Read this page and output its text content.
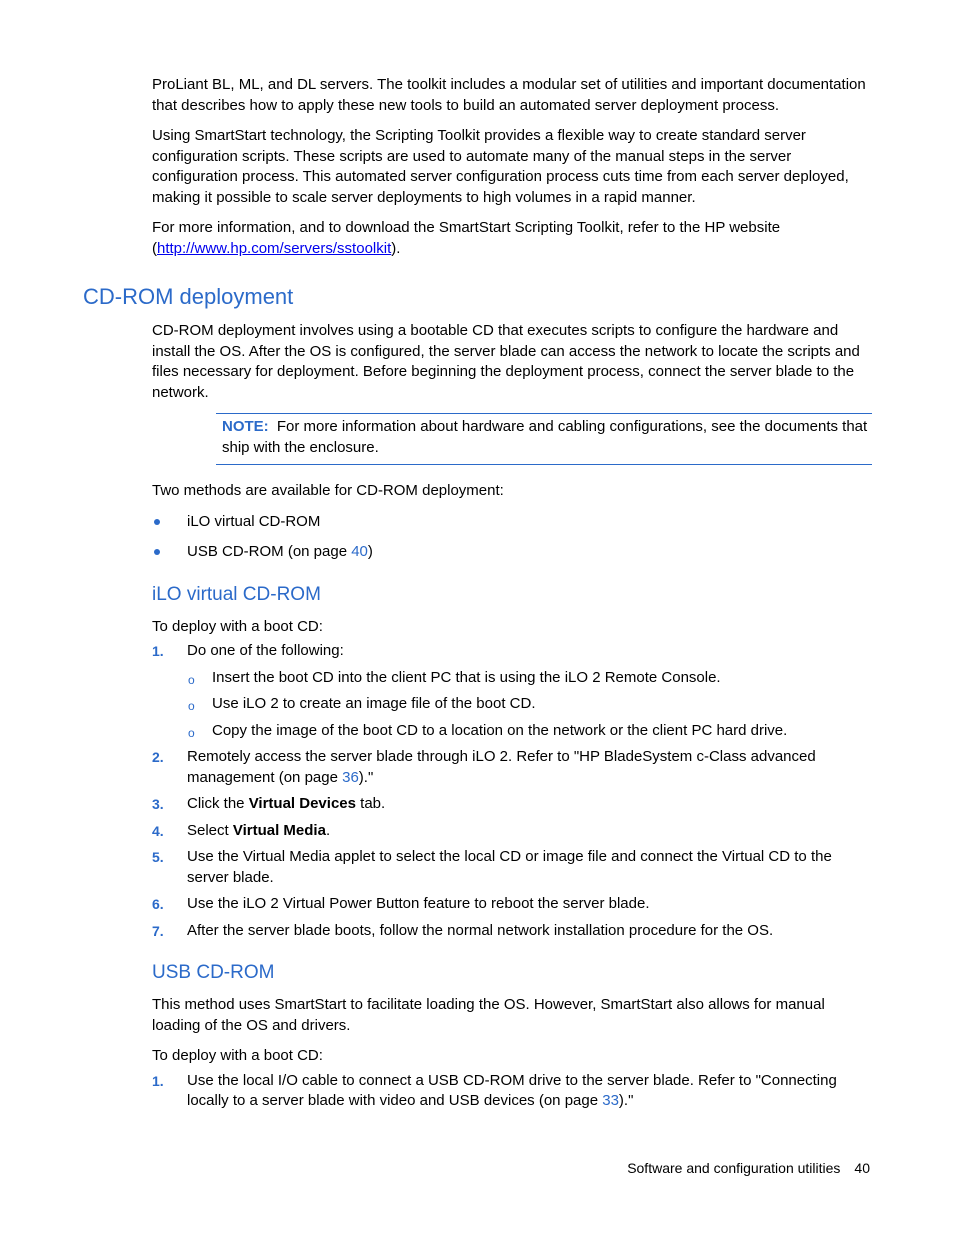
ProLiant BL, ML, and DL servers. The toolkit includes a modular set of utilities and important documentation that describes how to apply these new tools to build an automated server deployment process.

Using SmartStart technology, the Scripting Toolkit provides a flexible way to create standard server configuration scripts. These scripts are used to automate many of the manual steps in the server configuration process. This automated server configuration process cuts time from each server deployed, making it possible to scale server deployments to high volumes in a rapid manner.

For more information, and to download the SmartStart Scripting Toolkit, refer to the HP website (http://www.hp.com/servers/sstoolkit).

CD-ROM deployment

CD-ROM deployment involves using a bootable CD that executes scripts to configure the hardware and install the OS. After the OS is configured, the server blade can access the network to locate the scripts and files necessary for deployment. Before beginning the deployment process, connect the server blade to the network.

NOTE: For more information about hardware and cabling configurations, see the documents that ship with the enclosure.

Two methods are available for CD-ROM deployment:

iLO virtual CD-ROM
USB CD-ROM (on page 40)
iLO virtual CD-ROM

To deploy with a boot CD:

1. Do one of the following:
o Insert the boot CD into the client PC that is using the iLO 2 Remote Console.
o Use iLO 2 to create an image file of the boot CD.
o Copy the image of the boot CD to a location on the network or the client PC hard drive.
2. Remotely access the server blade through iLO 2. Refer to "HP BladeSystem c-Class advanced management (on page 36)."
3. Click the Virtual Devices tab.
4. Select Virtual Media.
5. Use the Virtual Media applet to select the local CD or image file and connect the Virtual CD to the server blade.
6. Use the iLO 2 Virtual Power Button feature to reboot the server blade.
7. After the server blade boots, follow the normal network installation procedure for the OS.
USB CD-ROM

This method uses SmartStart to facilitate loading the OS. However, SmartStart also allows for manual loading of the OS and drivers.

To deploy with a boot CD:

1. Use the local I/O cable to connect a USB CD-ROM drive to the server blade. Refer to "Connecting locally to a server blade with video and USB devices (on page 33)."
Software and configuration utilities 40
